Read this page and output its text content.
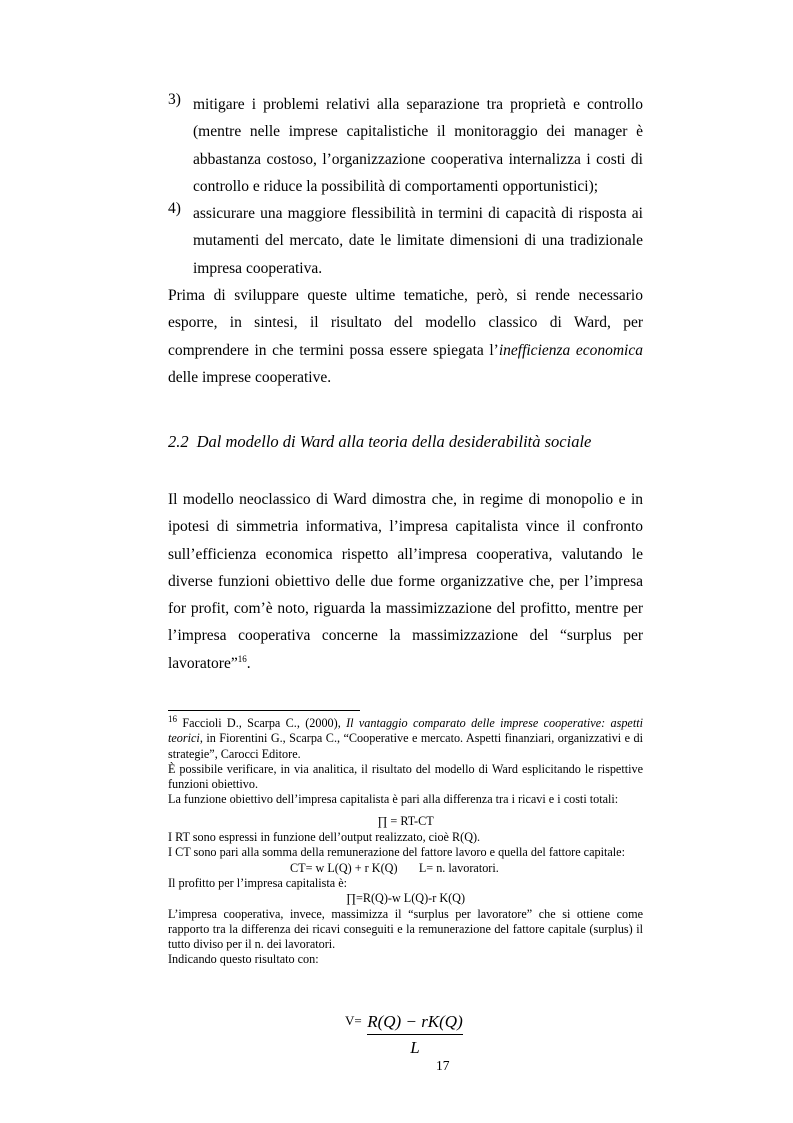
3) mitigare i problemi relativi alla separazione tra proprietà e controllo (mentre nelle imprese capitalistiche il monitoraggio dei manager è abbastanza costoso, l’organizzazione cooperativa internalizza i costi di controllo e riduce la possibilità di comportamenti opportunistici);
4) assicurare una maggiore flessibilità in termini di capacità di risposta ai mutamenti del mercato, date le limitate dimensioni di una tradizionale impresa cooperativa.

Prima di sviluppare queste ultime tematiche, però, si rende necessario esporre, in sintesi, il risultato del modello classico di Ward, per comprendere in che termini possa essere spiegata l’inefficienza economica delle imprese cooperative.

2.2 Dal modello di Ward alla teoria della desiderabilità sociale

Il modello neoclassico di Ward dimostra che, in regime di monopolio e in ipotesi di simmetria informativa, l’impresa capitalista vince il confronto sull’efficienza economica rispetto all’impresa cooperativa, valutando le diverse funzioni obiettivo delle due forme organizzative che, per l’impresa for profit, com’è noto, riguarda la massimizzazione del profitto, mentre per l’impresa cooperativa concerne la massimizzazione del “surplus per lavoratore”$^{16}$.

$^{16}$ Faccioli D., Scarpa C., (2000), Il vantaggio comparato delle imprese cooperative: aspetti teorici, in Fiorentini G., Scarpa C., “Cooperative e mercato. Aspetti finanziari, organizzativi e di strategie”, Carocci Editore.

È possibile verificare, in via analitica, il risultato del modello di Ward esplicitando le rispettive funzioni obiettivo.

La funzione obiettivo dell’impresa capitalista è pari alla differenza tra i ricavi e i costi totali:

∏ = RT-CT

I RT sono espressi in funzione dell’output realizzato, cioè R(Q).

I CT sono pari alla somma della remunerazione del fattore lavoro e quella del fattore capitale:

CT= w L(Q) + r K(Q)       L= n. lavoratori.

Il profitto per l’impresa capitalista è:

∏=R(Q)-w L(Q)-r K(Q)

L’impresa cooperativa, invece, massimizza il “surplus per lavoratore” che si ottiene come rapporto tra la differenza dei ricavi conseguiti e la remunerazione del fattore capitale (surplus) il tutto diviso per il n. dei lavoratori.

Indicando questo risultato con:

V= R(Q) − rK(Q)
L
17
